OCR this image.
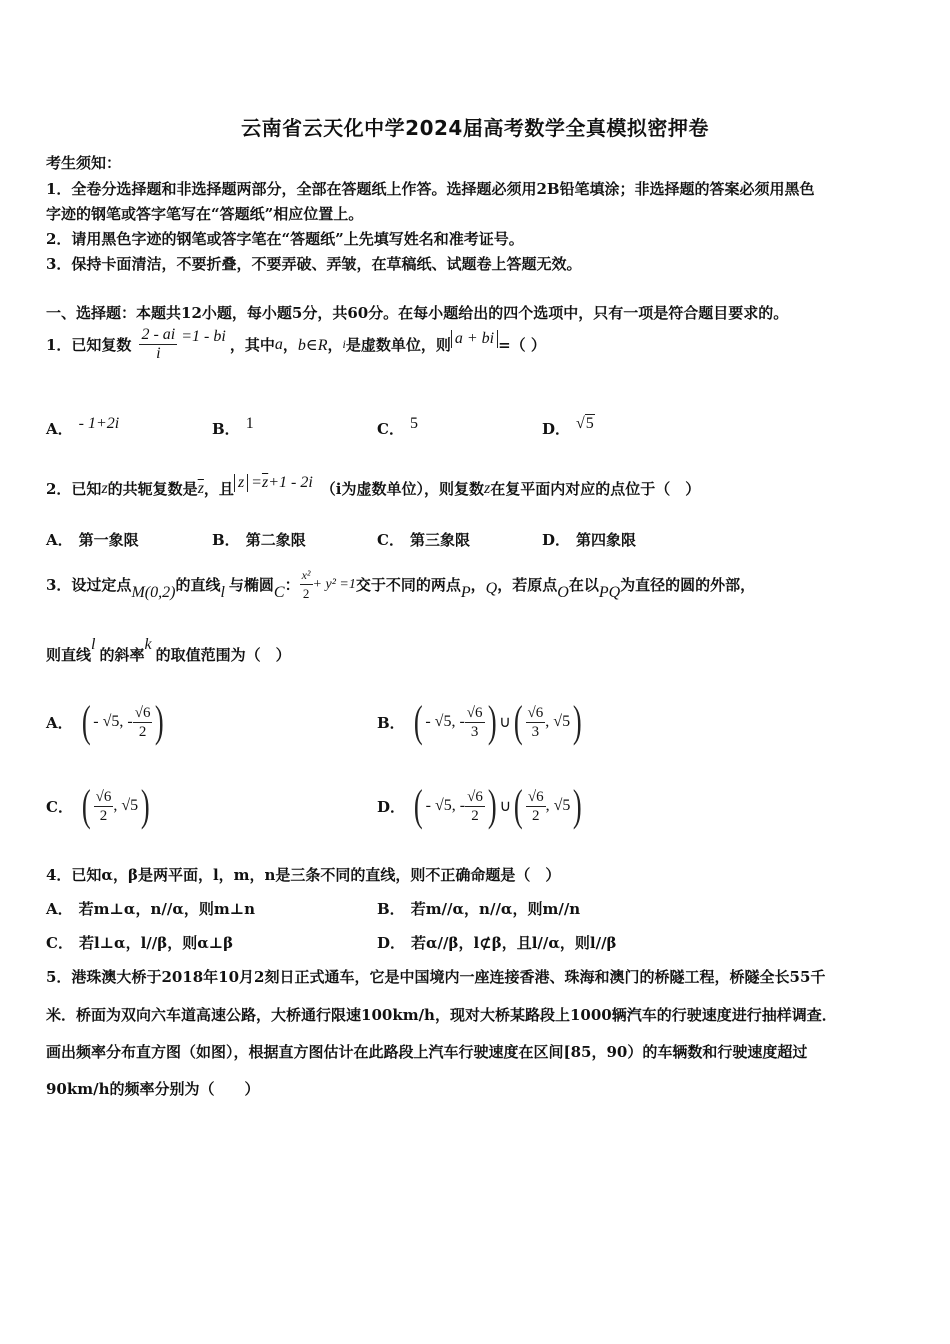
云南省云天化中学2024届高考数学全真模拟密押卷
考生须知：
1．全卷分选择题和非选择题两部分，全部在答题纸上作答。选择题必须用2B铅笔填涂；非选择题的答案必须用黑色
字迹的钢笔或答字笔写在“答题纸”相应位置上。
2．请用黑色字迹的钢笔或答字笔在“答题纸”上先填写姓名和准考证号。
3．保持卡面清洁，不要折叠，不要弄破、弄皱，在草稿纸、试题卷上答题无效。
一、选择题：本题共12小题，每小题5分，共60分。在每小题给出的四个选项中，只有一项是符合题目要求的。
1．已知复数 $\frac{2 - ai}{i} =1$ - bi ，其中 a ， b∈R ， i 是虚数单位，则 a + bi =（ ）
A． - 1+2i	B． 1	C． 5	D． √5
2．已知 z 的共轭复数是 $\overline{z}$ ，且 $z =\overline{z} +1 - 2i$ （i为虚数单位），则复数 z 在复平面内对应的点位于（　）
A． 第一象限	B． 第二象限	C． 第三象限	D． 第四象限
3．设过定点 M(0,2) 的直线 l 与椭圆 C ： $\frac{\text{x²}}{2} + y^2 =1$ 交于不同的两点 P ， Q ，若原点 O 在以 PQ 为直径的圆的外部，
则直线
l
的斜率
k
的取值范围为（　）
A． ( - √5, - $\frac{√6}{2}$ )	B． ( - √5, - $\frac{√6}{3}$ ) ∪ ( $\frac{√6}{3}$ , √5 )
C． ( $\frac{√6}{2}$ , √5 )	D． ( - √5, - $\frac{√6}{2}$ ) ∪ ( $\frac{√6}{2}$ , √5 )
4．已知α，β是两平面，l，m，n是三条不同的直线，则不正确命题是（　）
A． 若m⊥α，n//α，则m⊥n	B． 若m//α，n//α，则m//n
C． 若l⊥α，l//β，则α⊥β	D． 若α//β，l⊄β，且l//α，则l//β
5．港珠澳大桥于2018年10月2刻日正式通车，它是中国境内一座连接香港、珠海和澳门的桥隧工程，桥隧全长55千
米．桥面为双向六车道高速公路，大桥通行限速100km/h，现对大桥某路段上1000辆汽车的行驶速度进行抽样调查．
画出频率分布直方图（如图），根据直方图估计在此路段上汽车行驶速度在区间[85，90）的车辆数和行驶速度超过
90km/h的频率分别为（　　）
